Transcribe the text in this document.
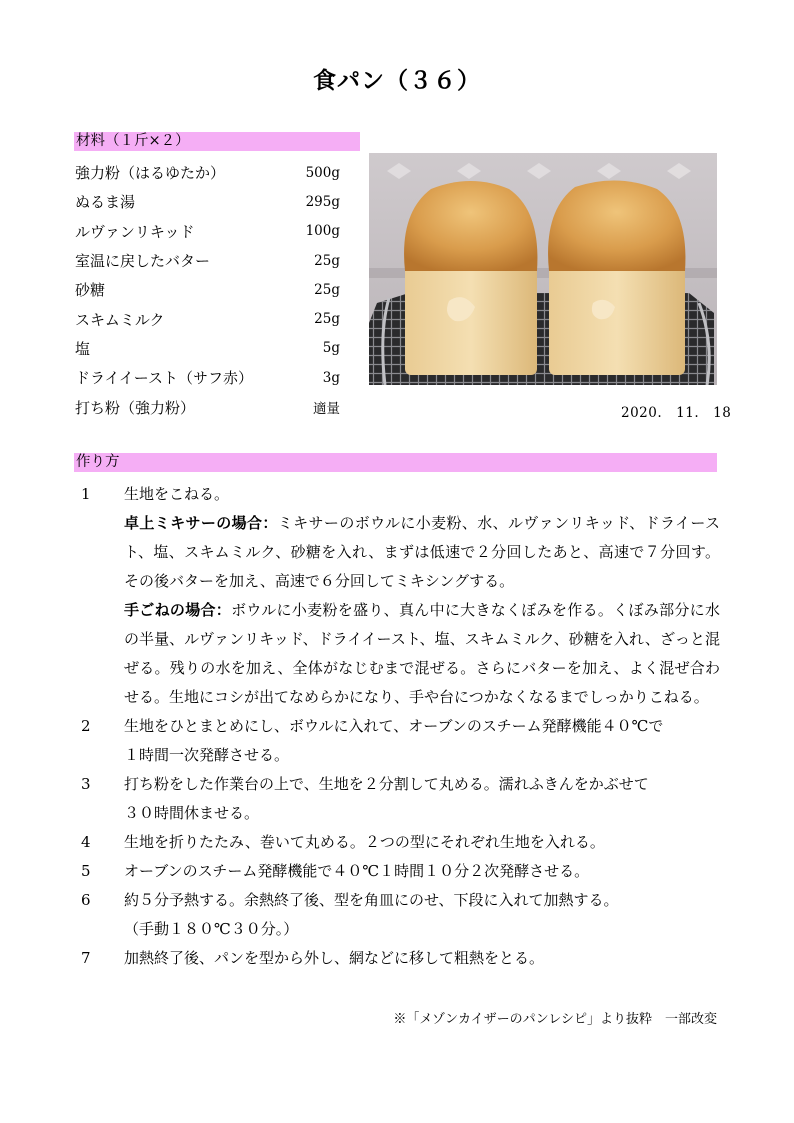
食パン（３６）
材料（１斤×２）
強力粉（はるゆたか）	500g
ぬるま湯	295g
ルヴァンリキッド	100g
室温に戻したバター	25g
砂糖	25g
スキムミルク	25g
塩	5g
ドライイースト（サフ赤）	3g
打ち粉（強力粉）	適量	2020.　11.　18
作り方
1 生地をこねる。

卓上ミキサーの場合：ミキサーのボウルに小麦粉、水、ルヴァンリキッド、ドライースト、塩、スキムミルク、砂糖を入れ、まずは低速で２分回したあと、高速で７分回す。その後バターを加え、高速で６分回してミキシングする。

手ごねの場合：ボウルに小麦粉を盛り、真ん中に大きなくぼみを作る。くぼみ部分に水の半量、ルヴァンリキッド、ドライイースト、塩、スキムミルク、砂糖を入れ、ざっと混ぜる。残りの水を加え、全体がなじむまで混ぜる。さらにバターを加え、よく混ぜ合わせる。生地にコシが出てなめらかになり、手や台につかなくなるまでしっかりこねる。

2 生地をひとまとめにし、ボウルに入れて、オーブンのスチーム発酵機能４０℃で

１時間一次発酵させる。

3 打ち粉をした作業台の上で、生地を２分割して丸める。濡れふきんをかぶせて

３０時間休ませる。

4 生地を折りたたみ、巻いて丸める。２つの型にそれぞれ生地を入れる。

5 オーブンのスチーム発酵機能で４０℃１時間１０分２次発酵させる。

6 約５分予熱する。余熱終了後、型を角皿にのせ、下段に入れて加熱する。

（手動１８０℃３０分。）

7 加熱終了後、パンを型から外し、網などに移して粗熱をとる。

※「メゾンカイザーのパンレシピ」より抜粋　一部改変
